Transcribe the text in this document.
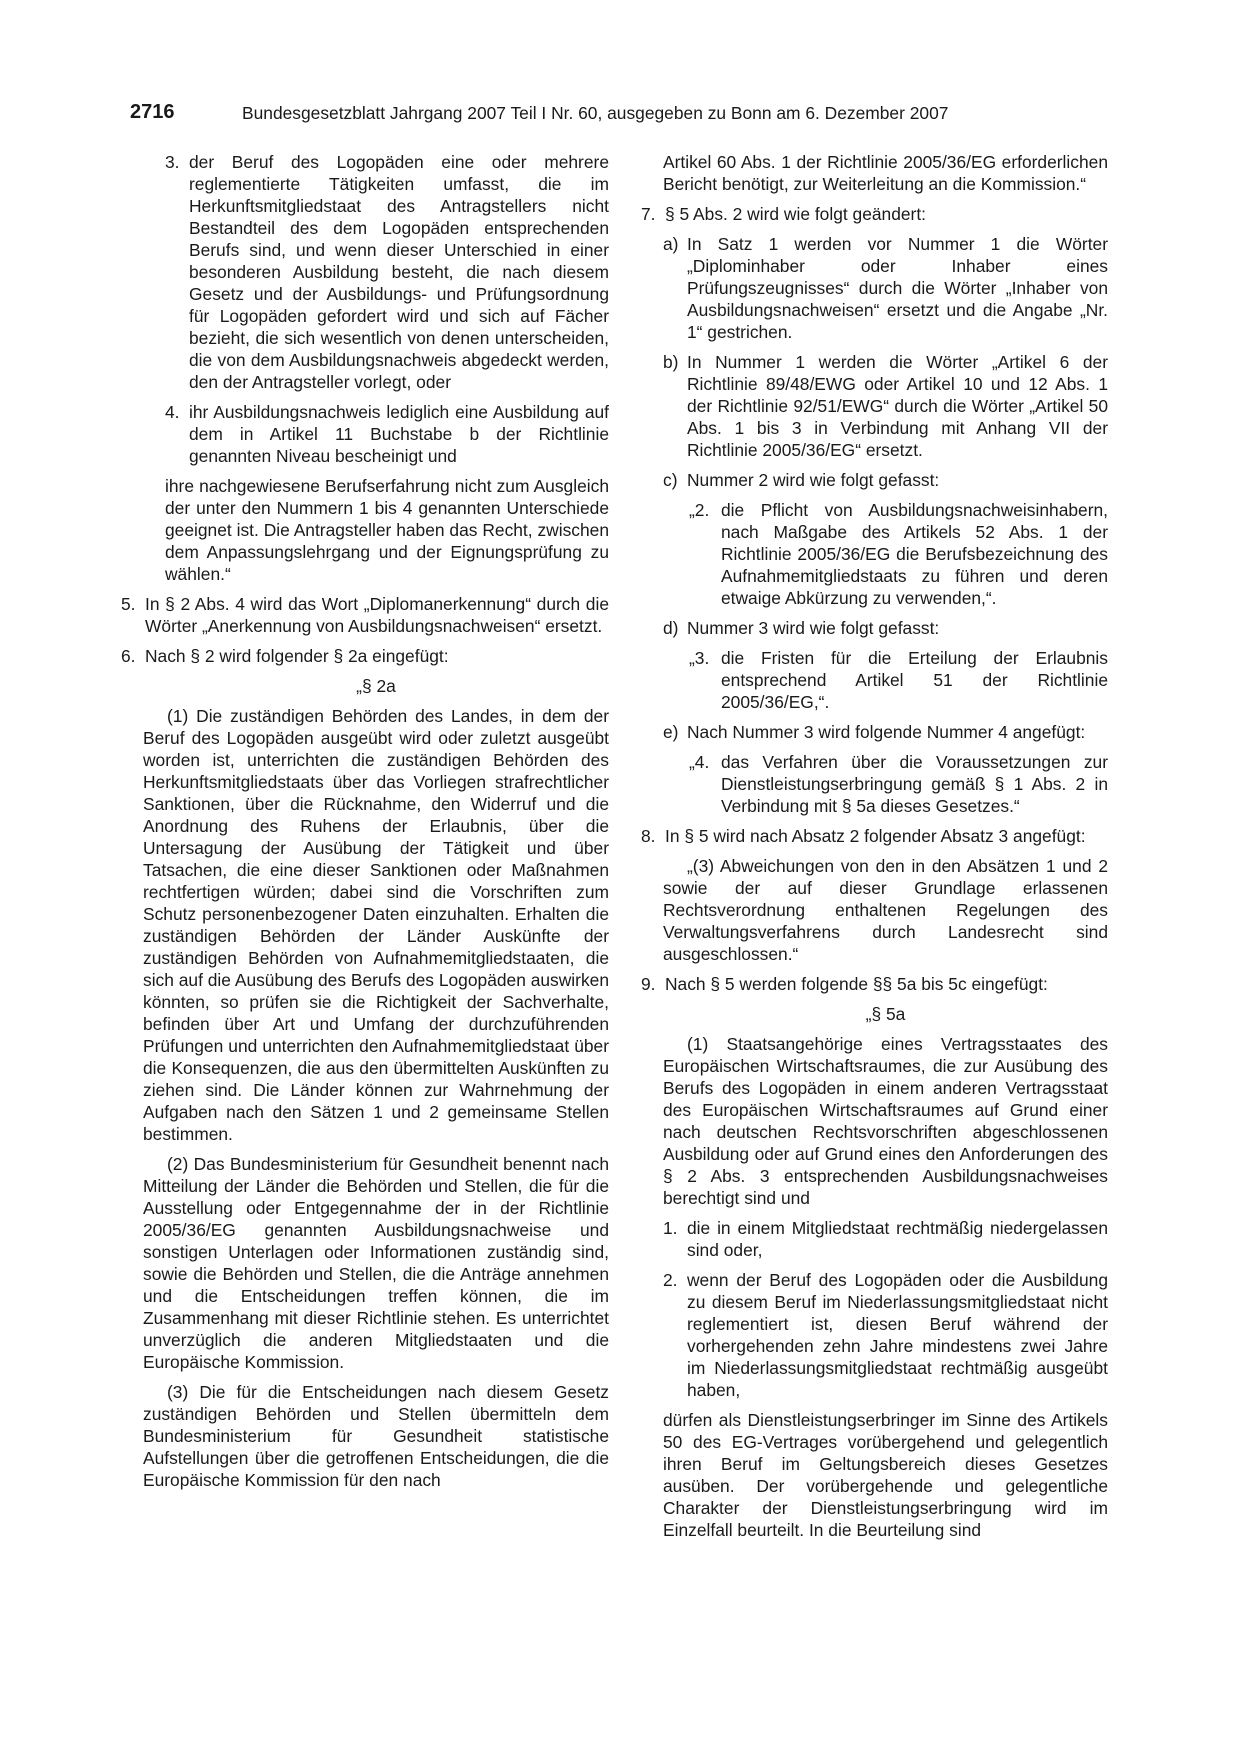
2716	Bundesgesetzblatt Jahrgang 2007 Teil I Nr. 60, ausgegeben zu Bonn am 6. Dezember 2007
3. der Beruf des Logopäden eine oder mehrere reglementierte Tätigkeiten umfasst, die im Herkunftsmitgliedstaat des Antragstellers nicht Bestandteil des dem Logopäden entsprechenden Berufs sind, und wenn dieser Unterschied in einer besonderen Ausbildung besteht, die nach diesem Gesetz und der Ausbildungs- und Prüfungsordnung für Logopäden gefordert wird und sich auf Fächer bezieht, die sich wesentlich von denen unterscheiden, die von dem Ausbildungsnachweis abgedeckt werden, den der Antragsteller vorlegt, oder
4. ihr Ausbildungsnachweis lediglich eine Ausbildung auf dem in Artikel 11 Buchstabe b der Richtlinie genannten Niveau bescheinigt und

ihre nachgewiesene Berufserfahrung nicht zum Ausgleich der unter den Nummern 1 bis 4 genannten Unterschiede geeignet ist. Die Antragsteller haben das Recht, zwischen dem Anpassungslehrgang und der Eignungsprüfung zu wählen.“

5. In § 2 Abs. 4 wird das Wort „Diplomanerkennung“ durch die Wörter „Anerkennung von Ausbildungsnachweisen“ ersetzt.
6. Nach § 2 wird folgender § 2a eingefügt:
„§ 2a

(1) Die zuständigen Behörden des Landes, in dem der Beruf des Logopäden ausgeübt wird oder zuletzt ausgeübt worden ist, unterrichten die zuständigen Behörden des Herkunftsmitgliedstaats über das Vorliegen strafrechtlicher Sanktionen, über die Rücknahme, den Widerruf und die Anordnung des Ruhens der Erlaubnis, über die Untersagung der Ausübung der Tätigkeit und über Tatsachen, die eine dieser Sanktionen oder Maßnahmen rechtfertigen würden; dabei sind die Vorschriften zum Schutz personenbezogener Daten einzuhalten. Erhalten die zuständigen Behörden der Länder Auskünfte der zuständigen Behörden von Aufnahmemitgliedstaaten, die sich auf die Ausübung des Berufs des Logopäden auswirken könnten, so prüfen sie die Richtigkeit der Sachverhalte, befinden über Art und Umfang der durchzuführenden Prüfungen und unterrichten den Aufnahmemitgliedstaat über die Konsequenzen, die aus den übermittelten Auskünften zu ziehen sind. Die Länder können zur Wahrnehmung der Aufgaben nach den Sätzen 1 und 2 gemeinsame Stellen bestimmen.

(2) Das Bundesministerium für Gesundheit benennt nach Mitteilung der Länder die Behörden und Stellen, die für die Ausstellung oder Entgegennahme der in der Richtlinie 2005/36/EG genannten Ausbildungsnachweise und sonstigen Unterlagen oder Informationen zuständig sind, sowie die Behörden und Stellen, die die Anträge annehmen und die Entscheidungen treffen können, die im Zusammenhang mit dieser Richtlinie stehen. Es unterrichtet unverzüglich die anderen Mitgliedstaaten und die Europäische Kommission.

(3) Die für die Entscheidungen nach diesem Gesetz zuständigen Behörden und Stellen übermitteln dem Bundesministerium für Gesundheit statistische Aufstellungen über die getroffenen Entscheidungen, die die Europäische Kommission für den nach

Artikel 60 Abs. 1 der Richtlinie 2005/36/EG erforderlichen Bericht benötigt, zur Weiterleitung an die Kommission.“

7. § 5 Abs. 2 wird wie folgt geändert:
a) In Satz 1 werden vor Nummer 1 die Wörter „Diplominhaber oder Inhaber eines Prüfungszeugnisses“ durch die Wörter „Inhaber von Ausbildungsnachweisen“ ersetzt und die Angabe „Nr. 1“ gestrichen.
b) In Nummer 1 werden die Wörter „Artikel 6 der Richtlinie 89/48/EWG oder Artikel 10 und 12 Abs. 1 der Richtlinie 92/51/EWG“ durch die Wörter „Artikel 50 Abs. 1 bis 3 in Verbindung mit Anhang VII der Richtlinie 2005/36/EG“ ersetzt.
c) Nummer 2 wird wie folgt gefasst:
„2. die Pflicht von Ausbildungsnachweisinhabern, nach Maßgabe des Artikels 52 Abs. 1 der Richtlinie 2005/36/EG die Berufsbezeichnung des Aufnahmemitgliedstaats zu führen und deren etwaige Abkürzung zu verwenden,“.
d) Nummer 3 wird wie folgt gefasst:
„3. die Fristen für die Erteilung der Erlaubnis entsprechend Artikel 51 der Richtlinie 2005/36/EG,“.
e) Nach Nummer 3 wird folgende Nummer 4 angefügt:
„4. das Verfahren über die Voraussetzungen zur Dienstleistungserbringung gemäß § 1 Abs. 2 in Verbindung mit § 5a dieses Gesetzes.“
8. In § 5 wird nach Absatz 2 folgender Absatz 3 angefügt:

„(3) Abweichungen von den in den Absätzen 1 und 2 sowie der auf dieser Grundlage erlassenen Rechtsverordnung enthaltenen Regelungen des Verwaltungsverfahrens durch Landesrecht sind ausgeschlossen.“

9. Nach § 5 werden folgende §§ 5a bis 5c eingefügt:
„§ 5a

(1) Staatsangehörige eines Vertragsstaates des Europäischen Wirtschaftsraumes, die zur Ausübung des Berufs des Logopäden in einem anderen Vertragsstaat des Europäischen Wirtschaftsraumes auf Grund einer nach deutschen Rechtsvorschriften abgeschlossenen Ausbildung oder auf Grund eines den Anforderungen des § 2 Abs. 3 entsprechenden Ausbildungsnachweises berechtigt sind und

1. die in einem Mitgliedstaat rechtmäßig niedergelassen sind oder,
2. wenn der Beruf des Logopäden oder die Ausbildung zu diesem Beruf im Niederlassungsmitgliedstaat nicht reglementiert ist, diesen Beruf während der vorhergehenden zehn Jahre mindestens zwei Jahre im Niederlassungsmitgliedstaat rechtmäßig ausgeübt haben,

dürfen als Dienstleistungserbringer im Sinne des Artikels 50 des EG-Vertrages vorübergehend und gelegentlich ihren Beruf im Geltungsbereich dieses Gesetzes ausüben. Der vorübergehende und gelegentliche Charakter der Dienstleistungserbringung wird im Einzelfall beurteilt. In die Beurteilung sind
